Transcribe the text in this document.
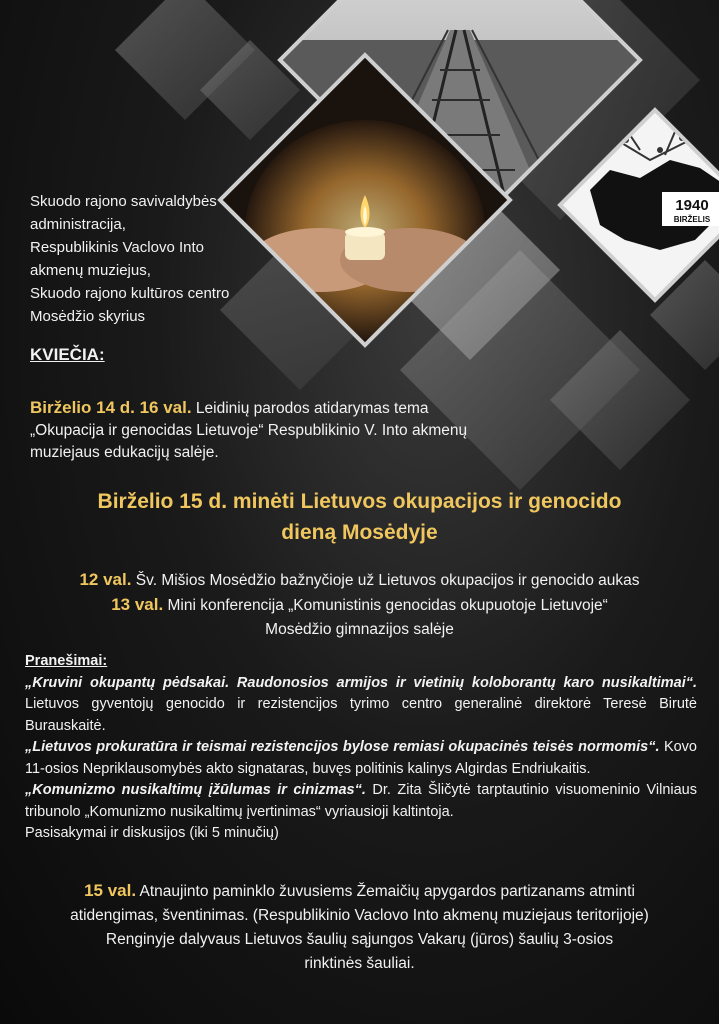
1940
BIRŽELIS
Skuodo rajono savivaldybės
administracija,
Respublikinis Vaclovo Into
akmenų muziejus,
Skuodo rajono kultūros centro
Mosėdžio skyrius
KVIEČIA:
Birželio 14 d. 16 val. Leidinių parodos atidarymas tema
„Okupacija ir genocidas Lietuvoje“ Respublikinio V. Into akmenų
muziejaus edukacijų salėje.
Birželio 15 d. minėti Lietuvos okupacijos ir genocido
dieną Mosėdyje
12 val. Šv. Mišios Mosėdžio bažnyčioje už Lietuvos okupacijos ir genocido aukas
13 val. Mini konferencija „Komunistinis genocidas okupuotoje Lietuvoje“
Mosėdžio gimnazijos salėje
Pranešimai:
„Kruvini okupantų pėdsakai. Raudonosios armijos ir vietinių koloborantų karo nusikaltimai“. Lietuvos gyventojų genocido ir rezistencijos tyrimo centro generalinė direktorė Teresė Birutė Burauskaitė.
„Lietuvos prokuratūra ir teismai rezistencijos bylose remiasi okupacinės teisės normomis“. Kovo 11-osios Nepriklausomybės akto signataras, buvęs politinis kalinys Algirdas Endriukaitis.
„Komunizmo nusikaltimų įžūlumas ir cinizmas“. Dr. Zita Šličytė tarptautinio visuomeninio Vilniaus tribunolo „Komunizmo nusikaltimų įvertinimas“ vyriausioji kaltintoja.
Pasisakymai ir diskusijos (iki 5 minučių)
15 val. Atnaujinto paminklo žuvusiems Žemaičių apygardos partizanams atminti
atidengimas, šventinimas. (Respublikinio Vaclovo Into akmenų muziejaus teritorijoje)
Renginyje dalyvaus Lietuvos šaulių sąjungos Vakarų (jūros) šaulių 3-osios
rinktinės šauliai.
